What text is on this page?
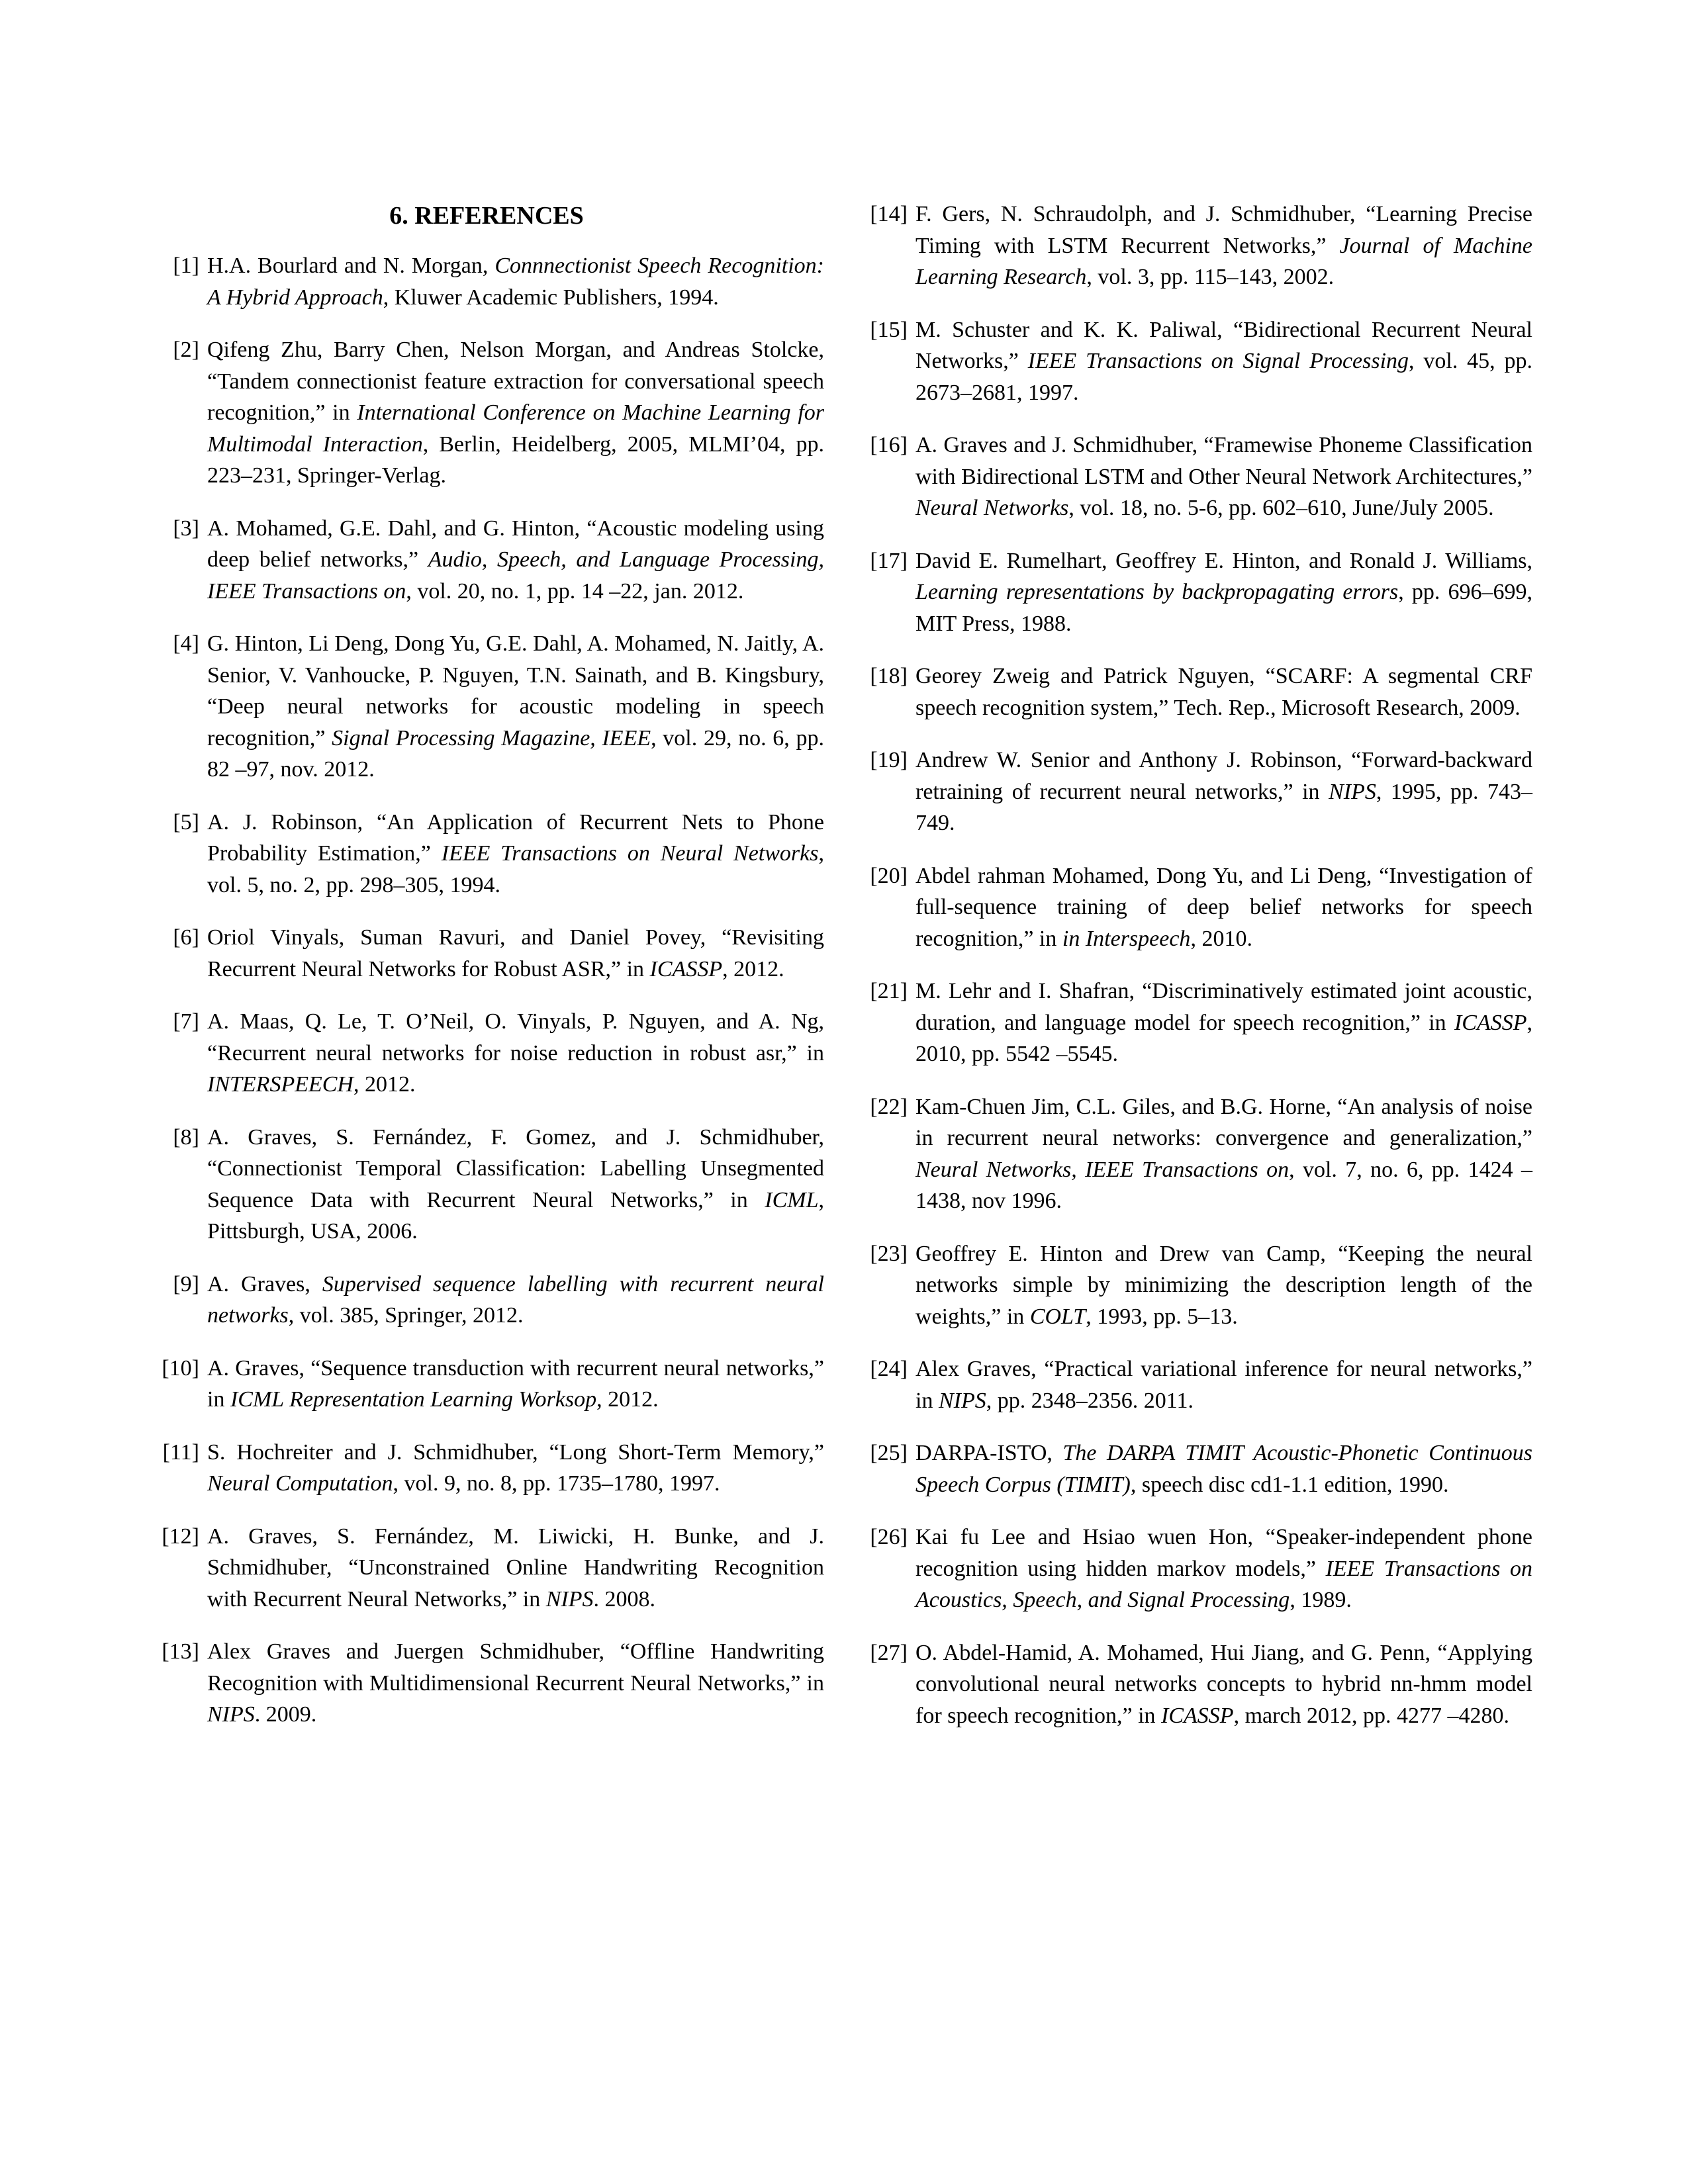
6. REFERENCES
[1] H.A. Bourlard and N. Morgan, Connnectionist Speech Recognition: A Hybrid Approach, Kluwer Academic Publishers, 1994.
[2] Qifeng Zhu, Barry Chen, Nelson Morgan, and Andreas Stolcke, “Tandem connectionist feature extraction for conversational speech recognition,” in International Conference on Machine Learning for Multimodal Interaction, Berlin, Heidelberg, 2005, MLMI’04, pp. 223–231, Springer-Verlag.
[3] A. Mohamed, G.E. Dahl, and G. Hinton, “Acoustic modeling using deep belief networks,” Audio, Speech, and Language Processing, IEEE Transactions on, vol. 20, no. 1, pp. 14 –22, jan. 2012.
[4] G. Hinton, Li Deng, Dong Yu, G.E. Dahl, A. Mohamed, N. Jaitly, A. Senior, V. Vanhoucke, P. Nguyen, T.N. Sainath, and B. Kingsbury, “Deep neural networks for acoustic modeling in speech recognition,” Signal Processing Magazine, IEEE, vol. 29, no. 6, pp. 82 –97, nov. 2012.
[5] A. J. Robinson, “An Application of Recurrent Nets to Phone Probability Estimation,” IEEE Transactions on Neural Networks, vol. 5, no. 2, pp. 298–305, 1994.
[6] Oriol Vinyals, Suman Ravuri, and Daniel Povey, “Revisiting Recurrent Neural Networks for Robust ASR,” in ICASSP, 2012.
[7] A. Maas, Q. Le, T. O’Neil, O. Vinyals, P. Nguyen, and A. Ng, “Recurrent neural networks for noise reduction in robust asr,” in INTERSPEECH, 2012.
[8] A. Graves, S. Fernández, F. Gomez, and J. Schmidhuber, “Connectionist Temporal Classification: Labelling Unsegmented Sequence Data with Recurrent Neural Networks,” in ICML, Pittsburgh, USA, 2006.
[9] A. Graves, Supervised sequence labelling with recurrent neural networks, vol. 385, Springer, 2012.
[10] A. Graves, “Sequence transduction with recurrent neural networks,” in ICML Representation Learning Worksop, 2012.
[11] S. Hochreiter and J. Schmidhuber, “Long Short-Term Memory,” Neural Computation, vol. 9, no. 8, pp. 1735–1780, 1997.
[12] A. Graves, S. Fernández, M. Liwicki, H. Bunke, and J. Schmidhuber, “Unconstrained Online Handwriting Recognition with Recurrent Neural Networks,” in NIPS. 2008.
[13] Alex Graves and Juergen Schmidhuber, “Offline Handwriting Recognition with Multidimensional Recurrent Neural Networks,” in NIPS. 2009.
[14] F. Gers, N. Schraudolph, and J. Schmidhuber, “Learning Precise Timing with LSTM Recurrent Networks,” Journal of Machine Learning Research, vol. 3, pp. 115–143, 2002.
[15] M. Schuster and K. K. Paliwal, “Bidirectional Recurrent Neural Networks,” IEEE Transactions on Signal Processing, vol. 45, pp. 2673–2681, 1997.
[16] A. Graves and J. Schmidhuber, “Framewise Phoneme Classification with Bidirectional LSTM and Other Neural Network Architectures,” Neural Networks, vol. 18, no. 5-6, pp. 602–610, June/July 2005.
[17] David E. Rumelhart, Geoffrey E. Hinton, and Ronald J. Williams, Learning representations by backpropagating errors, pp. 696–699, MIT Press, 1988.
[18] Georey Zweig and Patrick Nguyen, “SCARF: A segmental CRF speech recognition system,” Tech. Rep., Microsoft Research, 2009.
[19] Andrew W. Senior and Anthony J. Robinson, “Forward-backward retraining of recurrent neural networks,” in NIPS, 1995, pp. 743–749.
[20] Abdel rahman Mohamed, Dong Yu, and Li Deng, “Investigation of full-sequence training of deep belief networks for speech recognition,” in in Interspeech, 2010.
[21] M. Lehr and I. Shafran, “Discriminatively estimated joint acoustic, duration, and language model for speech recognition,” in ICASSP, 2010, pp. 5542 –5545.
[22] Kam-Chuen Jim, C.L. Giles, and B.G. Horne, “An analysis of noise in recurrent neural networks: convergence and generalization,” Neural Networks, IEEE Transactions on, vol. 7, no. 6, pp. 1424 –1438, nov 1996.
[23] Geoffrey E. Hinton and Drew van Camp, “Keeping the neural networks simple by minimizing the description length of the weights,” in COLT, 1993, pp. 5–13.
[24] Alex Graves, “Practical variational inference for neural networks,” in NIPS, pp. 2348–2356. 2011.
[25] DARPA-ISTO, The DARPA TIMIT Acoustic-Phonetic Continuous Speech Corpus (TIMIT), speech disc cd1-1.1 edition, 1990.
[26] Kai fu Lee and Hsiao wuen Hon, “Speaker-independent phone recognition using hidden markov models,” IEEE Transactions on Acoustics, Speech, and Signal Processing, 1989.
[27] O. Abdel-Hamid, A. Mohamed, Hui Jiang, and G. Penn, “Applying convolutional neural networks concepts to hybrid nn-hmm model for speech recognition,” in ICASSP, march 2012, pp. 4277 –4280.
